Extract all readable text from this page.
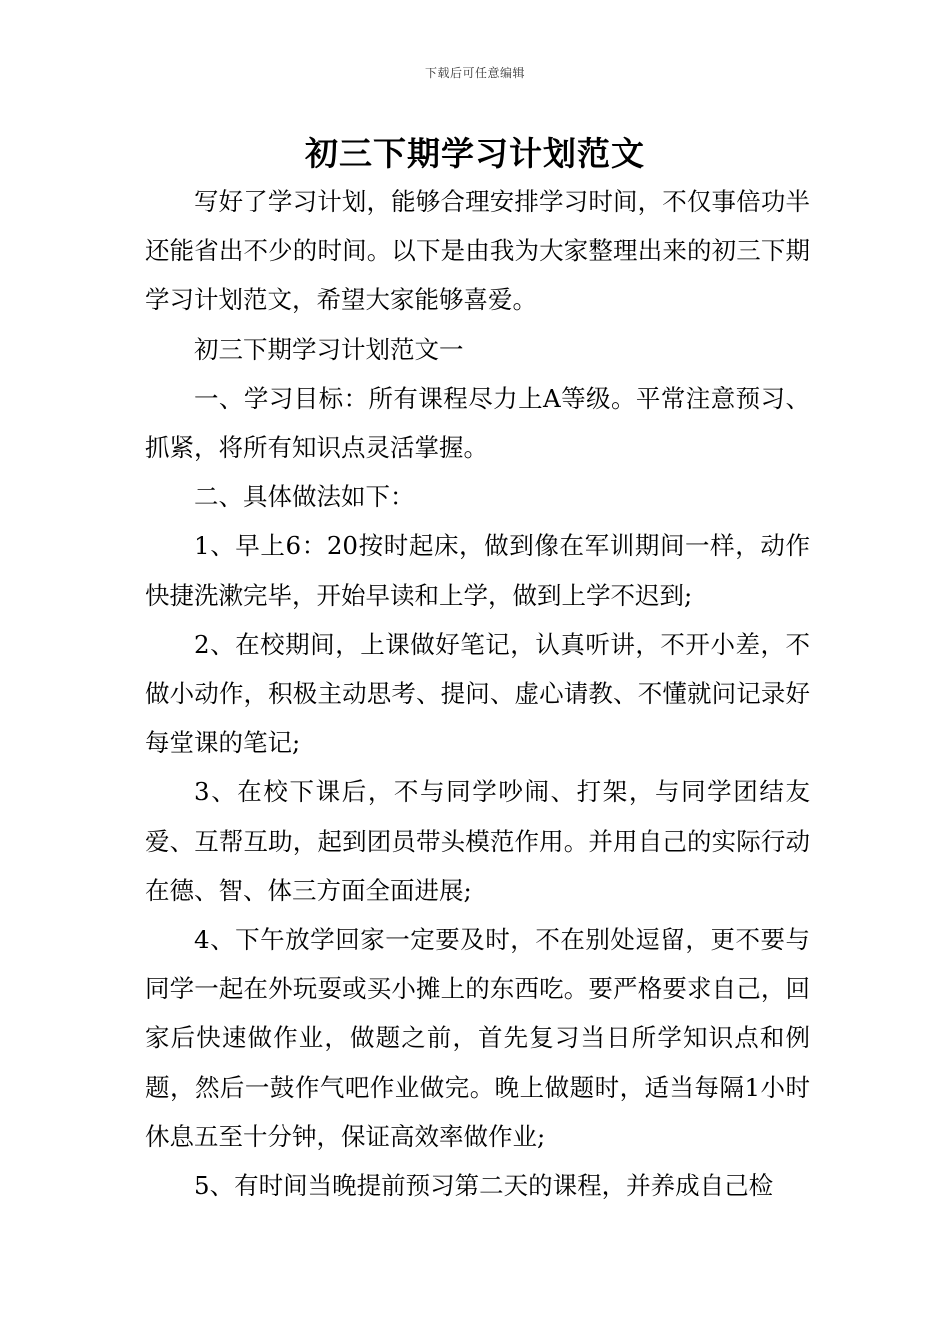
下载后可任意编辑
初三下期学习计划范文

写好了学习计划，能够合理安排学习时间，不仅事倍功半还能省出不少的时间。以下是由我为大家整理出来的初三下期学习计划范文，希望大家能够喜爱。

初三下期学习计划范文一

一、学习目标：所有课程尽力上A等级。平常注意预习、抓紧，将所有知识点灵活掌握。

二、具体做法如下：

1、早上6：20按时起床，做到像在军训期间一样，动作快捷洗漱完毕，开始早读和上学，做到上学不迟到;

2、在校期间，上课做好笔记，认真听讲，不开小差，不做小动作，积极主动思考、提问、虚心请教、不懂就问记录好每堂课的笔记;

3、在校下课后，不与同学吵闹、打架，与同学团结友爱、互帮互助，起到团员带头模范作用。并用自己的实际行动在德、智、体三方面全面进展;

4、下午放学回家一定要及时，不在别处逗留，更不要与同学一起在外玩耍或买小摊上的东西吃。要严格要求自己，回家后快速做作业，做题之前，首先复习当日所学知识点和例题，然后一鼓作气吧作业做完。晚上做题时，适当每隔1小时休息五至十分钟，保证高效率做作业;

5、有时间当晚提前预习第二天的课程，并养成自己检
